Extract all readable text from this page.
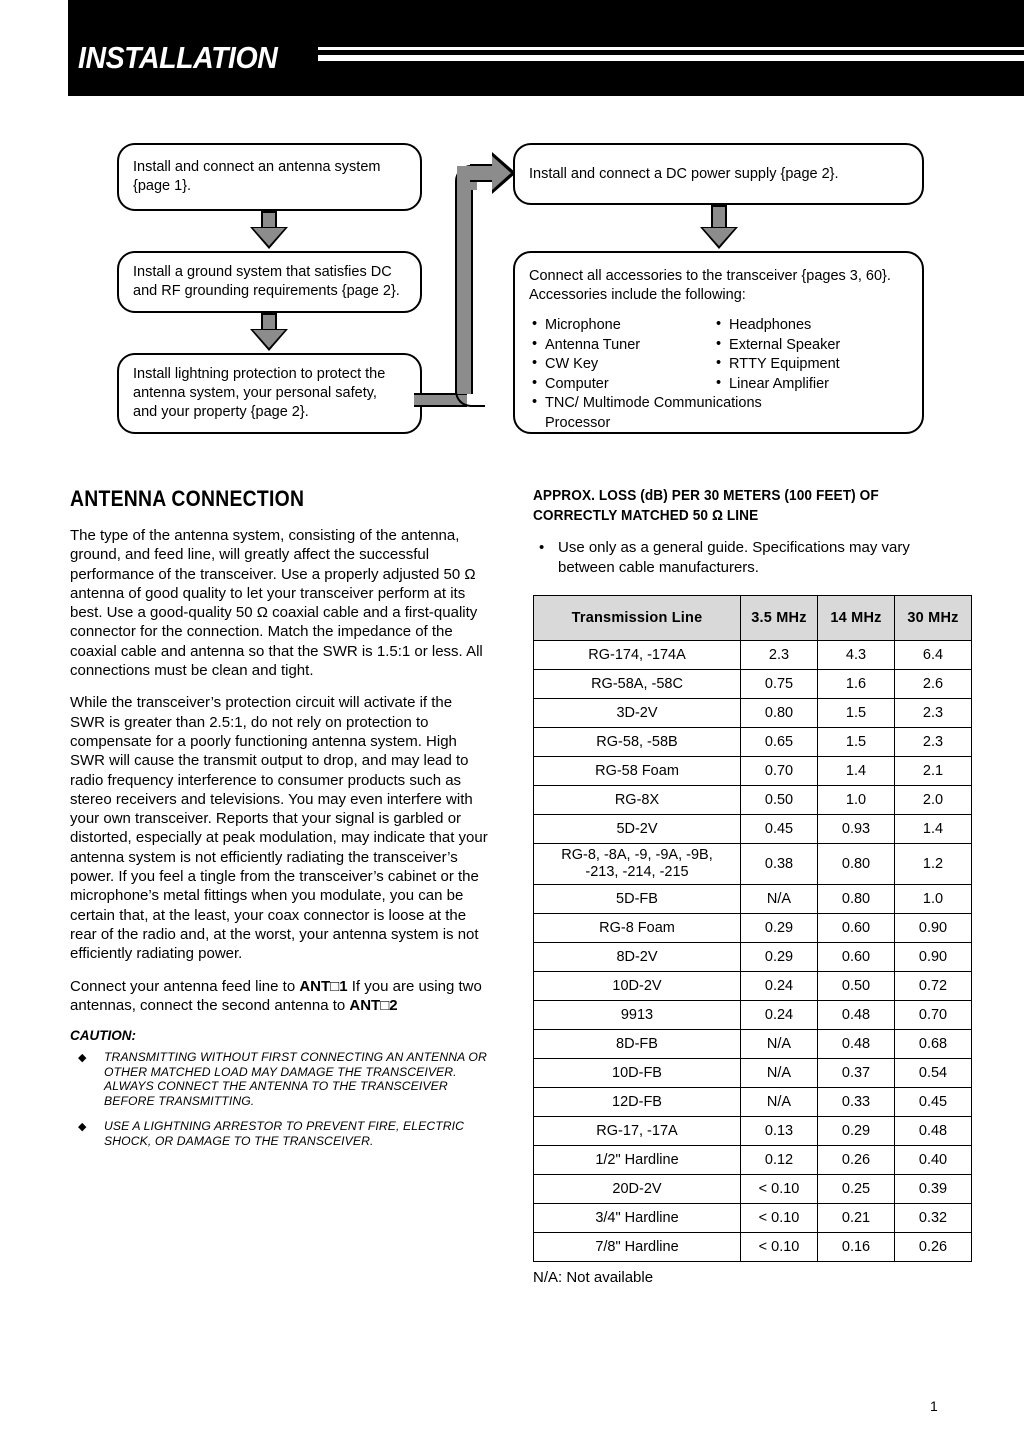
INSTALLATION
Install and connect an antenna system
{page 1}.
Install a ground system that satisfies DC
and RF grounding requirements {page 2}.
Install lightning protection to protect the
antenna system, your personal safety,
and your property {page 2}.
Install and connect a DC power supply {page 2}.
Connect all accessories to the transceiver {pages 3, 60}.
Accessories include the following:
• Microphone
• Antenna Tuner
• CW Key
• Computer

• Headphones
• External Speaker
• RTTY Equipment
• Linear Amplifier
• TNC/ Multimode Communications
Processor
ANTENNA CONNECTION

The type of the antenna system, consisting of the antenna, ground, and feed line, will greatly affect the successful performance of the transceiver. Use a properly adjusted 50 Ω antenna of good quality to let your transceiver perform at its best. Use a good-quality 50 Ω coaxial cable and a first-quality connector for the connection. Match the impedance of the coaxial cable and antenna so that the SWR is 1.5:1 or less. All connections must be clean and tight.

While the transceiver’s protection circuit will activate if the SWR is greater than 2.5:1, do not rely on protection to compensate for a poorly functioning antenna system. High SWR will cause the transmit output to drop, and may lead to radio frequency interference to consumer products such as stereo receivers and televisions. You may even interfere with your own transceiver. Reports that your signal is garbled or distorted, especially at peak modulation, may indicate that your antenna system is not efficiently radiating the transceiver’s power. If you feel a tingle from the transceiver’s cabinet or the microphone’s metal fittings when you modulate, you can be certain that, at the least, your coax connector is loose at the rear of the radio and, at the worst, your antenna system is not efficiently radiating power.

Connect your antenna feed line to ANT□1 If you are using two antennas, connect the second antenna to ANT□2

CAUTION:
◆ TRANSMITTING WITHOUT FIRST CONNECTING AN ANTENNA OR OTHER MATCHED LOAD MAY DAMAGE THE TRANSCEIVER. ALWAYS CONNECT THE ANTENNA TO THE TRANSCEIVER BEFORE TRANSMITTING.
◆ USE A LIGHTNING ARRESTOR TO PREVENT FIRE, ELECTRIC SHOCK, OR DAMAGE TO THE TRANSCEIVER.
APPROX. LOSS (dB) PER 30 METERS (100 FEET) OF
CORRECTLY MATCHED 50 Ω LINE
• Use only as a general guide. Specifications may vary between cable manufacturers.
Transmission Line	3.5 MHz	14 MHz	30 MHz
RG-174, -174A	2.3	4.3	6.4
RG-58A, -58C	0.75	1.6	2.6
3D-2V	0.80	1.5	2.3
RG-58, -58B	0.65	1.5	2.3
RG-58 Foam	0.70	1.4	2.1
RG-8X	0.50	1.0	2.0
5D-2V	0.45	0.93	1.4
RG-8, -8A, -9, -9A, -9B,
-213, -214, -215	0.38	0.80	1.2
5D-FB	N/A	0.80	1.0
RG-8 Foam	0.29	0.60	0.90
8D-2V	0.29	0.60	0.90
10D-2V	0.24	0.50	0.72
9913	0.24	0.48	0.70
8D-FB	N/A	0.48	0.68
10D-FB	N/A	0.37	0.54
12D-FB	N/A	0.33	0.45
RG-17, -17A	0.13	0.29	0.48
1/2" Hardline	0.12	0.26	0.40
20D-2V	< 0.10	0.25	0.39
3/4" Hardline	< 0.10	0.21	0.32
7/8" Hardline	< 0.10	0.16	0.26
N/A: Not available
1
